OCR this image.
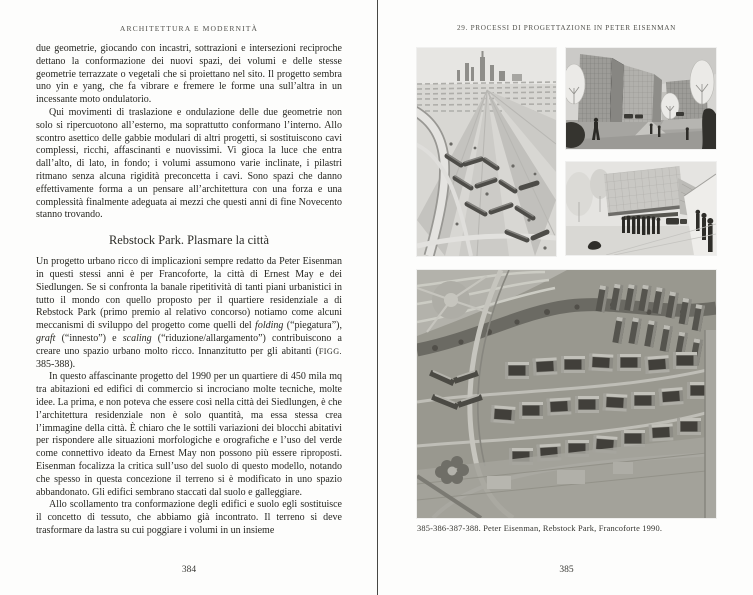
ARCHITETTURA E MODERNITÀ

due geometrie, giocando con incastri, sottrazioni e intersezioni reciproche dettano la conformazione dei nuovi spazi, dei volumi e delle stesse geometrie terrazzate o vegetali che si proiettano nel sito. Il progetto sembra uno yin e yang, che fa vibrare e fremere le forme una sull’altra in un incessante moto ondulatorio.

Qui movimenti di traslazione e ondulazione delle due geometrie non solo si ripercuotono all’esterno, ma soprattutto conformano l’interno. Allo scontro asettico delle gabbie modulari di altri progetti, si sostituiscono cavi complessi, ricchi, affascinanti e nuovissimi. Vi gioca la luce che entra dall’alto, di lato, in fondo; i volumi assumono varie inclinate, i pilastri ritmano senza alcuna rigidità preconcetta i cavi. Sono spazi che danno effettivamente forma a un pensare all’architettura con una forza e una complessità finalmente adeguata ai mezzi che questi anni di fine Novecento stanno trovando.

Rebstock Park. Plasmare la città

Un progetto urbano ricco di implicazioni sempre redatto da Peter Eisenman in questi stessi anni è per Francoforte, la città di Ernest May e dei Siedlungen. Se si confronta la banale ripetitività di tanti piani urbanistici in tutto il mondo con quello proposto per il quartiere residenziale a di Rebstock Park (primo premio al relativo concorso) notiamo come alcuni meccanismi di sviluppo del progetto come quelli del folding (“piegatura”), graft (“innesto”) e scaling (“riduzione/allargamento”) contribuiscono a creare uno spazio urbano molto ricco. Innanzitutto per gli abitanti (FIGG. 385-388).

In questo affascinante progetto del 1990 per un quartiere di 450 mila mq tra abitazioni ed edifici di commercio si incrociano molte tecniche, molte idee. La prima, e non poteva che essere così nella città dei Siedlungen, è che l’architettura residenziale non è solo quantità, ma essa stessa crea l’immagine della città. È chiaro che le sottili variazioni dei blocchi abitativi per rispondere alle situazioni morfologiche e orografiche e l’uso del verde come connettivo ideato da Ernest May non possono più essere riproposti. Eisenman focalizza la critica sull’uso del suolo di questo modello, notando che spesso in questa concezione il terreno si è modificato in uno spazio abbandonato. Gli edifici sembrano staccati dal suolo e galleggiare.

Allo scollamento tra conformazione degli edifici e suolo egli sostituisce il concetto di tessuto, che abbiamo già incontrato. Il terreno si deve trasformare da lastra su cui poggiare i volumi in un insieme

384
29. PROCESSI DI PROGETTAZIONE IN PETER EISENMAN
385-386-387-388. Peter Eisenman, Rebstock Park, Francoforte 1990.
385
